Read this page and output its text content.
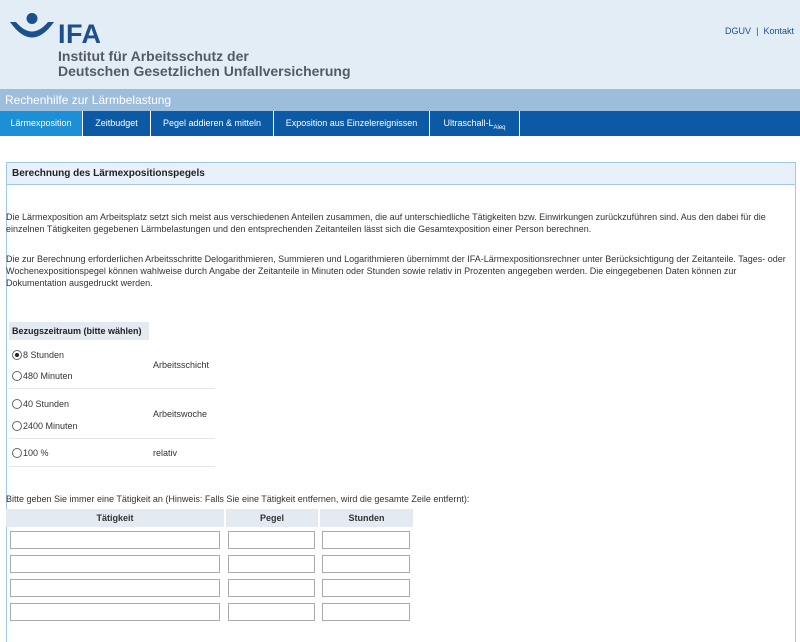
IFA
Institut für Arbeitsschutz der
Deutschen Gesetzlichen Unfallversicherung
DGUV | Kontakt
Rechenhilfe zur Lärmbelastung
Lärmexposition	Zeitbudget	Pegel addieren & mitteln	Exposition aus Einzelereignissen	Ultraschall-$L_{Aleq}$
Berechnung des Lärmexpositionspegels
Die Lärmexposition am Arbeitsplatz setzt sich meist aus verschiedenen Anteilen zusammen, die auf unterschiedliche Tätigkeiten bzw. Einwirkungen zurückzuführen sind. Aus den dabei für die einzelnen Tätigkeiten gegebenen Lärmbelastungen und den entsprechenden Zeitanteilen lässt sich die Gesamtexposition einer Person berechnen.
Die zur Berechnung erforderlichen Arbeitsschritte Delogarithmieren, Summieren und Logarithmieren übernimmt der IFA-Lärmexpositionsrechner unter Berücksichtigung der Zeitanteile. Tages- oder Wochenexpositionspegel können wahlweise durch Angabe der Zeitanteile in Minuten oder Stunden sowie relativ in Prozenten angegeben werden. Die eingegebenen Daten können zur Dokumentation ausgedruckt werden.
Bezugszeitraum (bitte wählen)
8 Stunden
480 Minuten
Arbeitsschicht
40 Stunden
2400 Minuten
Arbeitswoche
100 %	relativ
Bitte geben Sie immer eine Tätigkeit an (Hinweis: Falls Sie eine Tätigkeit entfernen, wird die gesamte Zeile entfernt):
Tätigkeit	Pegel	Stunden
